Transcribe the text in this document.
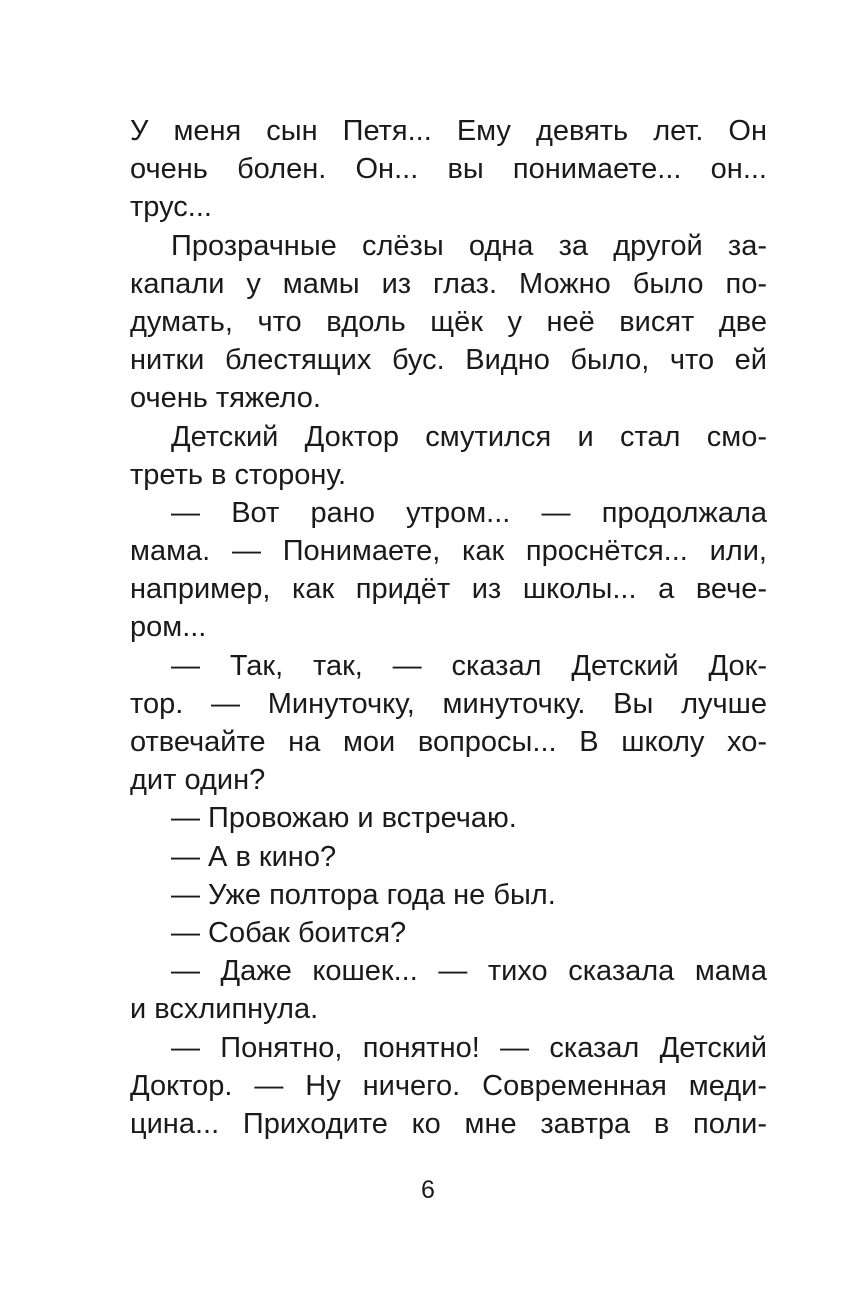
У меня сын Петя... Ему девять лет. Он
очень болен. Он... вы понимаете... он...
трус...
Прозрачные слёзы одна за другой за-
капали у мамы из глаз. Можно было по-
думать, что вдоль щёк у неё висят две
нитки блестящих бус. Видно было, что ей
очень тяжело.
Детский Доктор смутился и стал смо-
треть в сторону.
— Вот рано утром... — продолжала
мама. — Понимаете, как проснётся... или,
например, как придёт из школы... а вече-
ром...
— Так, так, — сказал Детский Док-
тор. — Минуточку, минуточку. Вы лучше
отвечайте на мои вопросы... В школу хо-
дит один?
— Провожаю и встречаю.
— А в кино?
— Уже полтора года не был.
— Собак боится?
— Даже кошек... — тихо сказала мама
и всхлипнула.
— Понятно, понятно! — сказал Детский
Доктор. — Ну ничего. Современная меди-
цина... Приходите ко мне завтра в поли-
6
